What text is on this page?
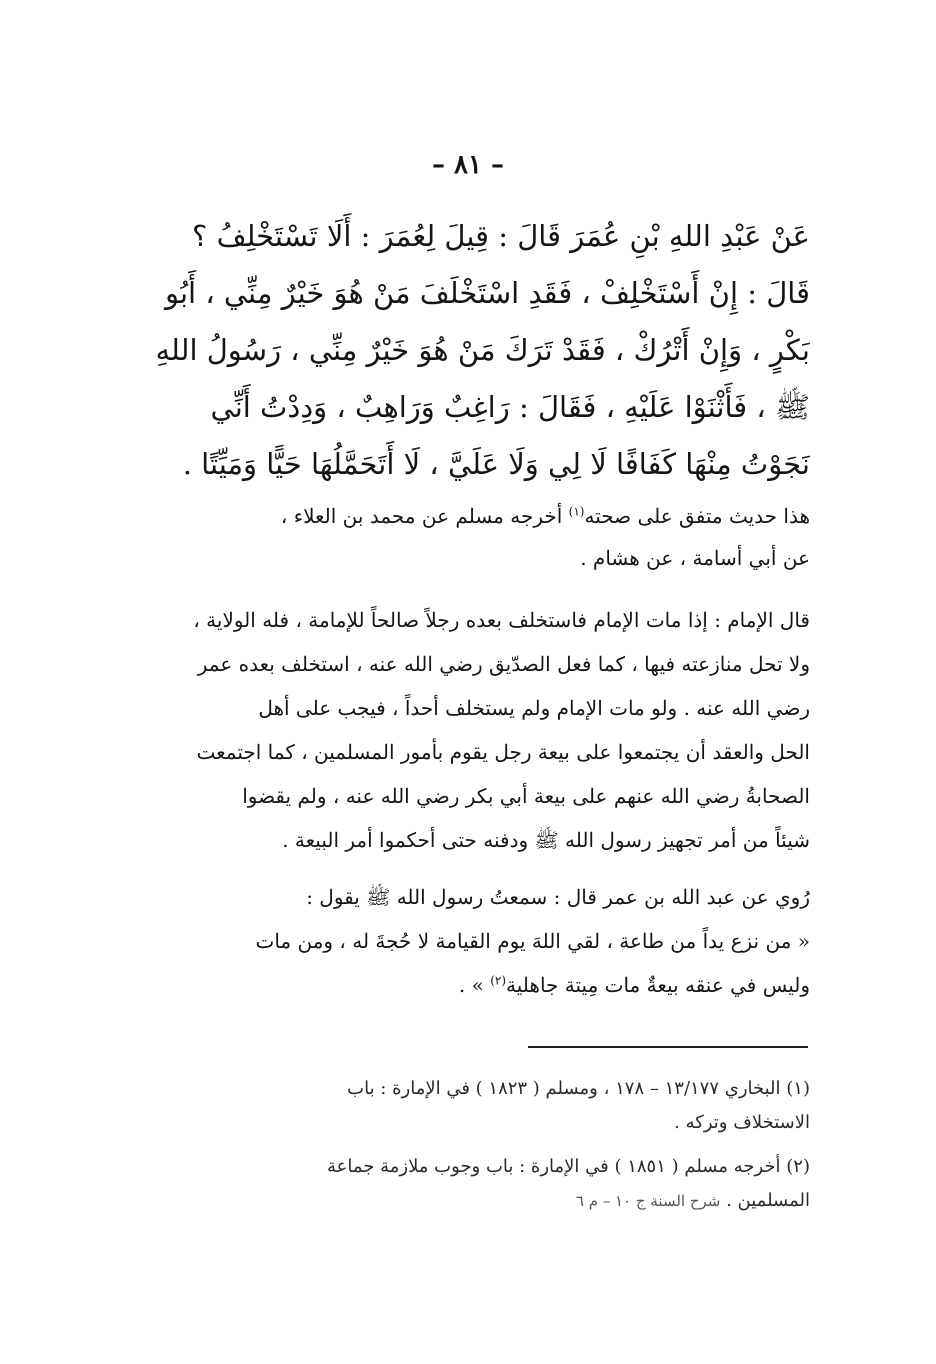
– ٨١ –
عَنْ عَبْدِ اللهِ بْنِ عُمَرَ قَالَ : قِيلَ لِعُمَرَ : أَلَا تَسْتَخْلِفُ ؟
قَالَ : إِنْ أَسْتَخْلِفْ ، فَقَدِ اسْتَخْلَفَ مَنْ هُوَ خَيْرٌ مِنِّي ، أَبُو
بَكْرٍ ، وَإِنْ أَتْرُكْ ، فَقَدْ تَرَكَ مَنْ هُوَ خَيْرٌ مِنِّي ، رَسُولُ اللهِ
ﷺ ، فَأَثْنَوْا عَلَيْهِ ، فَقَالَ : رَاغِبٌ وَرَاهِبٌ ، وَدِدْتُ أَنِّي
نَجَوْتُ مِنْهَا كَفَافًا لَا لِي وَلَا عَلَيَّ ، لَا أَتَحَمَّلُهَا حَيًّا وَمَيِّتًا .
هذا حديث متفق على صحته$^{(١)}$ أخرجه مسلم عن محمد بن العلاء ،
عن أبي أسامة ، عن هشام .
قال الإمام : إذا مات الإمام فاستخلف بعده رجلاً صالحاً للإمامة ، فله الولاية ،
ولا تحل منازعته فيها ، كما فعل الصدّيق رضي الله عنه ، استخلف بعده عمر
رضي الله عنه . ولو مات الإمام ولم يستخلف أحداً ، فيجب على أهل
الحل والعقد أن يجتمعوا على بيعة رجل يقوم بأمور المسلمين ، كما اجتمعت
الصحابةُ رضي الله عنهم على بيعة أبي بكر رضي الله عنه ، ولم يقضوا
شيئاً من أمر تجهيز رسول الله ﷺ ودفنه حتى أحكموا أمر البيعة .
رُوي عن عبد الله بن عمر قال : سمعتُ رسول الله ﷺ يقول :
« من نزع يداً من طاعة ، لقي اللهَ يوم القيامة لا حُجةَ له ، ومن مات
وليس في عنقه بيعةٌ مات مِيتة جاهلية$^{(٢)}$ » .
(١) البخاري ١٣/١٧٧ – ١٧٨ ، ومسلم ( ١٨٢٣ ) في الإمارة : باب
الاستخلاف وتركه .
(٢) أخرجه مسلم ( ١٨٥١ ) في الإمارة : باب وجوب ملازمة جماعة
المسلمين . شرح السنة ج ١٠ – م ٦
